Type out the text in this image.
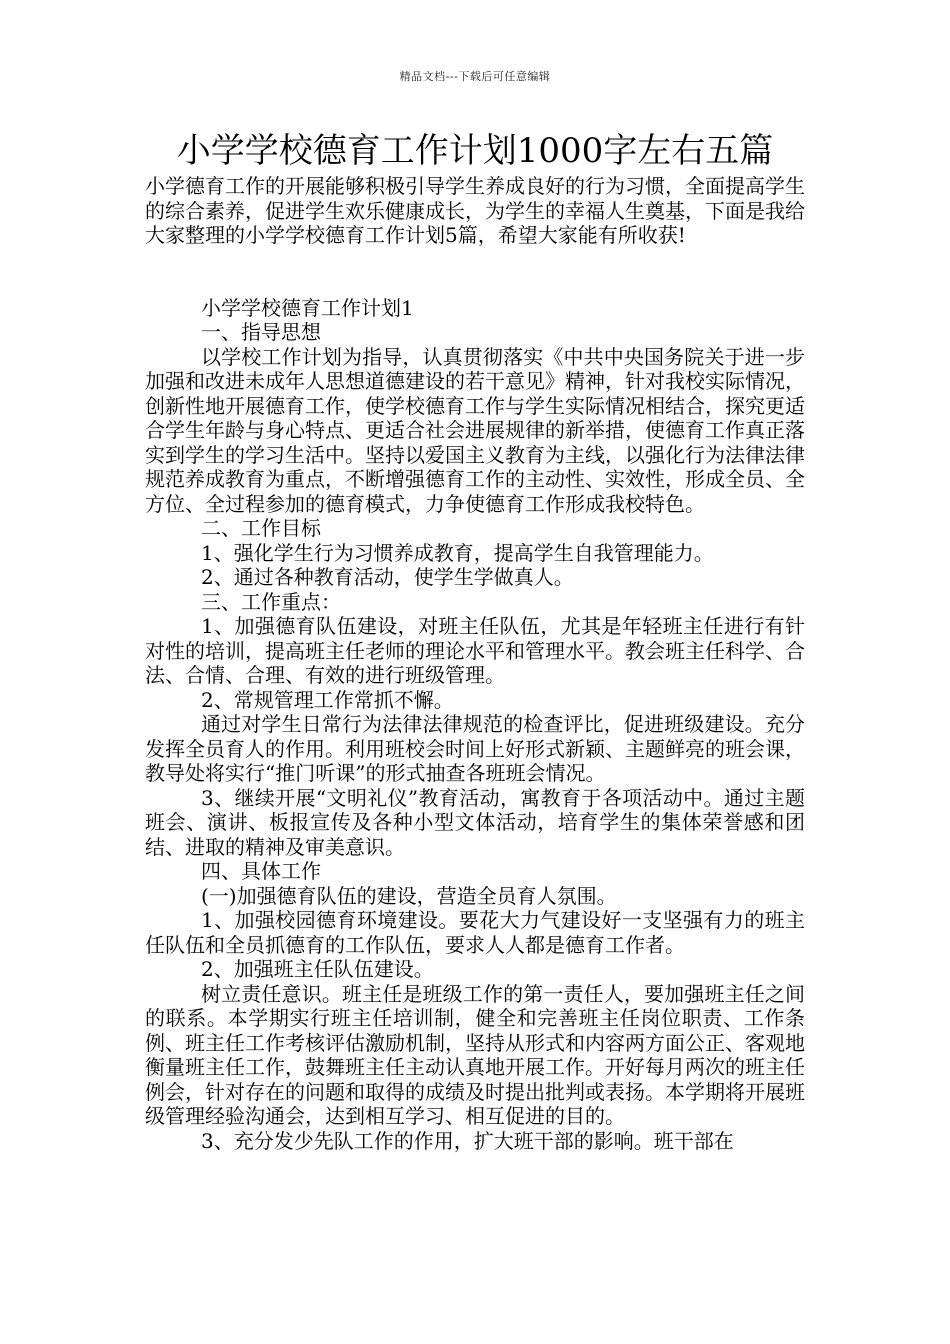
精品文档---下载后可任意编辑
小学学校德育工作计划1000字左右五篇

小学德育工作的开展能够积极引导学生养成良好的行为习惯，全面提高学生的综合素养，促进学生欢乐健康成长，为学生的幸福人生奠基，下面是我给大家整理的小学学校德育工作计划5篇，希望大家能有所收获!

小学学校德育工作计划1

一、指导思想

以学校工作计划为指导，认真贯彻落实《中共中央国务院关于进一步加强和改进未成年人思想道德建设的若干意见》精神，针对我校实际情况，创新性地开展德育工作，使学校德育工作与学生实际情况相结合，探究更适合学生年龄与身心特点、更适合社会进展规律的新举措，使德育工作真正落实到学生的学习生活中。坚持以爱国主义教育为主线，以强化行为法律法律规范养成教育为重点，不断增强德育工作的主动性、实效性，形成全员、全方位、全过程参加的德育模式，力争使德育工作形成我校特色。

二、工作目标

1、强化学生行为习惯养成教育，提高学生自我管理能力。

2、通过各种教育活动，使学生学做真人。

三、工作重点：

1、加强德育队伍建设，对班主任队伍，尤其是年轻班主任进行有针对性的培训，提高班主任老师的理论水平和管理水平。教会班主任科学、合法、合情、合理、有效的进行班级管理。

2、常规管理工作常抓不懈。

通过对学生日常行为法律法律规范的检查评比，促进班级建设。充分发挥全员育人的作用。利用班校会时间上好形式新颖、主题鲜亮的班会课，教导处将实行“推门听课”的形式抽查各班班会情况。

3、继续开展“文明礼仪”教育活动，寓教育于各项活动中。通过主题班会、演讲、板报宣传及各种小型文体活动，培育学生的集体荣誉感和团结、进取的精神及审美意识。

四、具体工作

(一)加强德育队伍的建设，营造全员育人氛围。

1、加强校园德育环境建设。要花大力气建设好一支坚强有力的班主任队伍和全员抓德育的工作队伍，要求人人都是德育工作者。

2、加强班主任队伍建设。

树立责任意识。班主任是班级工作的第一责任人，要加强班主任之间的联系。本学期实行班主任培训制，健全和完善班主任岗位职责、工作条例、班主任工作考核评估激励机制，坚持从形式和内容两方面公正、客观地衡量班主任工作，鼓舞班主任主动认真地开展工作。开好每月两次的班主任例会，针对存在的问题和取得的成绩及时提出批判或表扬。本学期将开展班级管理经验沟通会，达到相互学习、相互促进的目的。

3、充分发少先队工作的作用，扩大班干部的影响。班干部在
